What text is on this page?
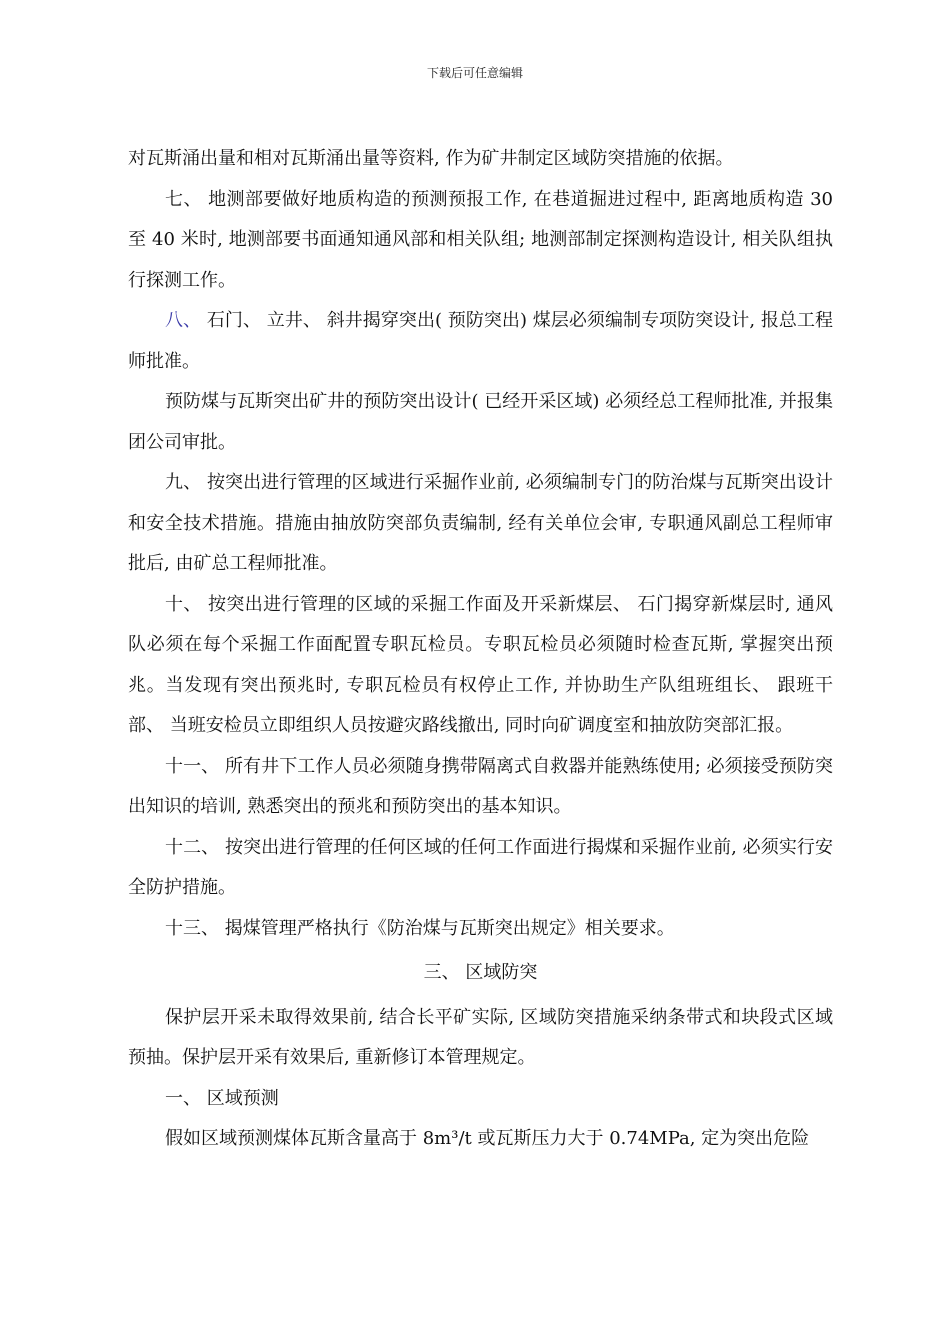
下载后可任意编辑

对瓦斯涌出量和相对瓦斯涌出量等资料, 作为矿井制定区域防突措施的依据。

七、 地测部要做好地质构造的预测预报工作, 在巷道掘进过程中, 距离地质构造 30 至 40 米时, 地测部要书面通知通风部和相关队组; 地测部制定探测构造设计, 相关队组执行探测工作。

八、 石门、 立井、 斜井揭穿突出( 预防突出) 煤层必须编制专项防突设计, 报总工程师批准。

预防煤与瓦斯突出矿井的预防突出设计( 已经开采区域) 必须经总工程师批准, 并报集团公司审批。

九、 按突出进行管理的区域进行采掘作业前, 必须编制专门的防治煤与瓦斯突出设计和安全技术措施。措施由抽放防突部负责编制, 经有关单位会审, 专职通风副总工程师审批后, 由矿总工程师批准。

十、 按突出进行管理的区域的采掘工作面及开采新煤层、 石门揭穿新煤层时, 通风队必须在每个采掘工作面配置专职瓦检员。专职瓦检员必须随时检查瓦斯, 掌握突出预兆。当发现有突出预兆时, 专职瓦检员有权停止工作, 并协助生产队组班组长、 跟班干部、 当班安检员立即组织人员按避灾路线撤出, 同时向矿调度室和抽放防突部汇报。

十一、 所有井下工作人员必须随身携带隔离式自救器并能熟练使用; 必须接受预防突出知识的培训, 熟悉突出的预兆和预防突出的基本知识。

十二、 按突出进行管理的任何区域的任何工作面进行揭煤和采掘作业前, 必须实行安全防护措施。

十三、 揭煤管理严格执行《防治煤与瓦斯突出规定》相关要求。

三、 区域防突

保护层开采未取得效果前, 结合长平矿实际, 区域防突措施采纳条带式和块段式区域预抽。保护层开采有效果后, 重新修订本管理规定。

一、 区域预测

假如区域预测煤体瓦斯含量高于 8m³/t 或瓦斯压力大于 0.74MPa, 定为突出危险
